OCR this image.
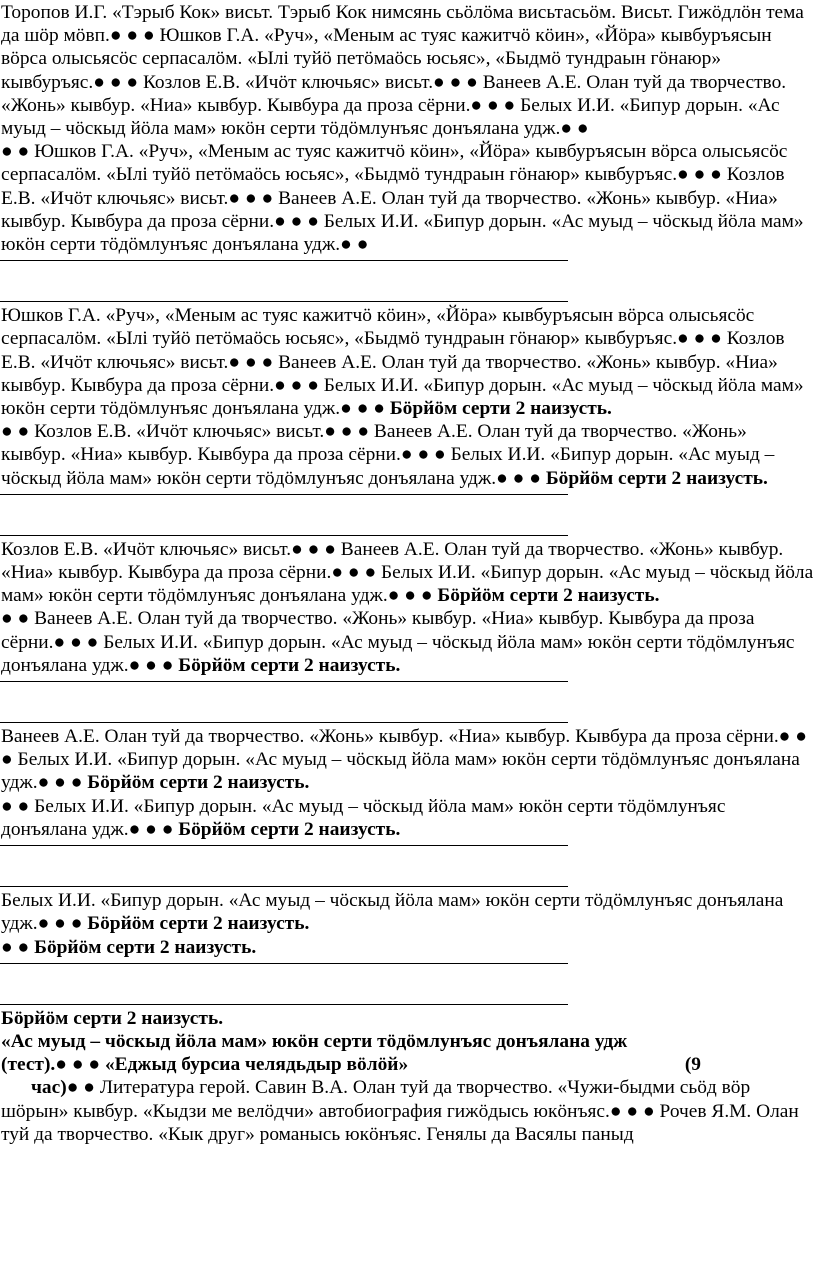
Торопов И.Г. «Тэрыб Кок» висьт. Тэрыб Кок нимсянь сьӧлӧма висьтасьӧм. Висьт. Гижӧдлӧн тема да шӧр мӧвп.● ● ● Юшков Г.А. «Руч», «Меным ас туяс кажитчӧ кӧин», «Йӧра» кывбуръясын вӧрса олысьясӧс серпасалӧм. «Ылі туйӧ петӧмаӧсь юсьяс», «Быдмӧ тундраын гӧнаюр» кывбуръяс.● ● ● Козлов Е.В. «Ичӧт ключьяс» висьт.● ● ● Ванеев А.Е. Олан туй да творчество. «Жонь» кывбур. «Ниа» кывбур. Кывбура да проза сёрни.● ● ● Белых И.И. «Бипур дорын. «Ас муыд – чӧскыд йӧла мам» юкӧн серти тӧдӧмлунъяс донъялана удж.● ●

● ● Юшков Г.А. «Руч», «Меным ас туяс кажитчӧ кӧин», «Йӧра» кывбуръясын вӧрса олысьясӧс серпасалӧм. «Ылі туйӧ петӧмаӧсь юсьяс», «Быдмӧ тундраын гӧнаюр» кывбуръяс.● ● ● Козлов Е.В. «Ичӧт ключьяс» висьт.● ● ● Ванеев А.Е. Олан туй да творчество. «Жонь» кывбур. «Ниа» кывбур. Кывбура да проза сёрни.● ● ● Белых И.И. «Бипур дорын. «Ас муыд – чӧскыд йӧла мам» юкӧн серти тӧдӧмлунъяс донъялана удж.● ●

Юшков Г.А. «Руч», «Меным ас туяс кажитчӧ кӧин», «Йӧра» кывбуръясын вӧрса олысьясӧс серпасалӧм. «Ылі туйӧ петӧмаӧсь юсьяс», «Быдмӧ тундраын гӧнаюр» кывбуръяс.● ● ● Козлов Е.В. «Ичӧт ключьяс» висьт.● ● ● Ванеев А.Е. Олан туй да творчество. «Жонь» кывбур. «Ниа» кывбур. Кывбура да проза сёрни.● ● ● Белых И.И. «Бипур дорын. «Ас муыд – чӧскыд йӧла мам» юкӧн серти тӧдӧмлунъяс донъялана удж.● ● ● Бӧрйӧм серти 2 наизусть.

● ● Козлов Е.В. «Ичӧт ключьяс» висьт.● ● ● Ванеев А.Е. Олан туй да творчество. «Жонь» кывбур. «Ниа» кывбур. Кывбура да проза сёрни.● ● ● Белых И.И. «Бипур дорын. «Ас муыд – чӧскыд йӧла мам» юкӧн серти тӧдӧмлунъяс донъялана удж.● ● ● Бӧрйӧм серти 2 наизусть.

Козлов Е.В. «Ичӧт ключьяс» висьт.● ● ● Ванеев А.Е. Олан туй да творчество. «Жонь» кывбур. «Ниа» кывбур. Кывбура да проза сёрни.● ● ● Белых И.И. «Бипур дорын. «Ас муыд – чӧскыд йӧла мам» юкӧн серти тӧдӧмлунъяс донъялана удж.● ● ● Бӧрйӧм серти 2 наизусть.

● ● Ванеев А.Е. Олан туй да творчество. «Жонь» кывбур. «Ниа» кывбур. Кывбура да проза сёрни.● ● ● Белых И.И. «Бипур дорын. «Ас муыд – чӧскыд йӧла мам» юкӧн серти тӧдӧмлунъяс донъялана удж.● ● ● Бӧрйӧм серти 2 наизусть.

Ванеев А.Е. Олан туй да творчество. «Жонь» кывбур. «Ниа» кывбур. Кывбура да проза сёрни.● ● ● Белых И.И. «Бипур дорын. «Ас муыд – чӧскыд йӧла мам» юкӧн серти тӧдӧмлунъяс донъялана удж.● ● ● Бӧрйӧм серти 2 наизусть.

● ● Белых И.И. «Бипур дорын. «Ас муыд – чӧскыд йӧла мам» юкӧн серти тӧдӧмлунъяс донъялана удж.● ● ● Бӧрйӧм серти 2 наизусть.

Белых И.И. «Бипур дорын. «Ас муыд – чӧскыд йӧла мам» юкӧн серти тӧдӧмлунъяс донъялана удж.● ● ● Бӧрйӧм серти 2 наизусть.

● ● Бӧрйӧм серти 2 наизусть.

Бӧрйӧм серти 2 наизусть.

«Ас муыд – чӧскыд йӧла мам» юкӧн серти тӧдӧмлунъяс донъялана удж

(тест).● ● ● «Еджыд бурсиа челядьдыр вӧлӧй»	(9

час)● ● Литература герой. Савин В.А. Олан туй да творчество. «Чужи-быдми сьӧд вӧр шӧрын» кывбур. «Кыдзи ме велӧдчи» автобиография гижӧдысь юкӧнъяс.● ● ● Рочев Я.М. Олан туй да творчество. «Кык друг» романысь юкӧнъяс. Генялы да Васялы паныд
